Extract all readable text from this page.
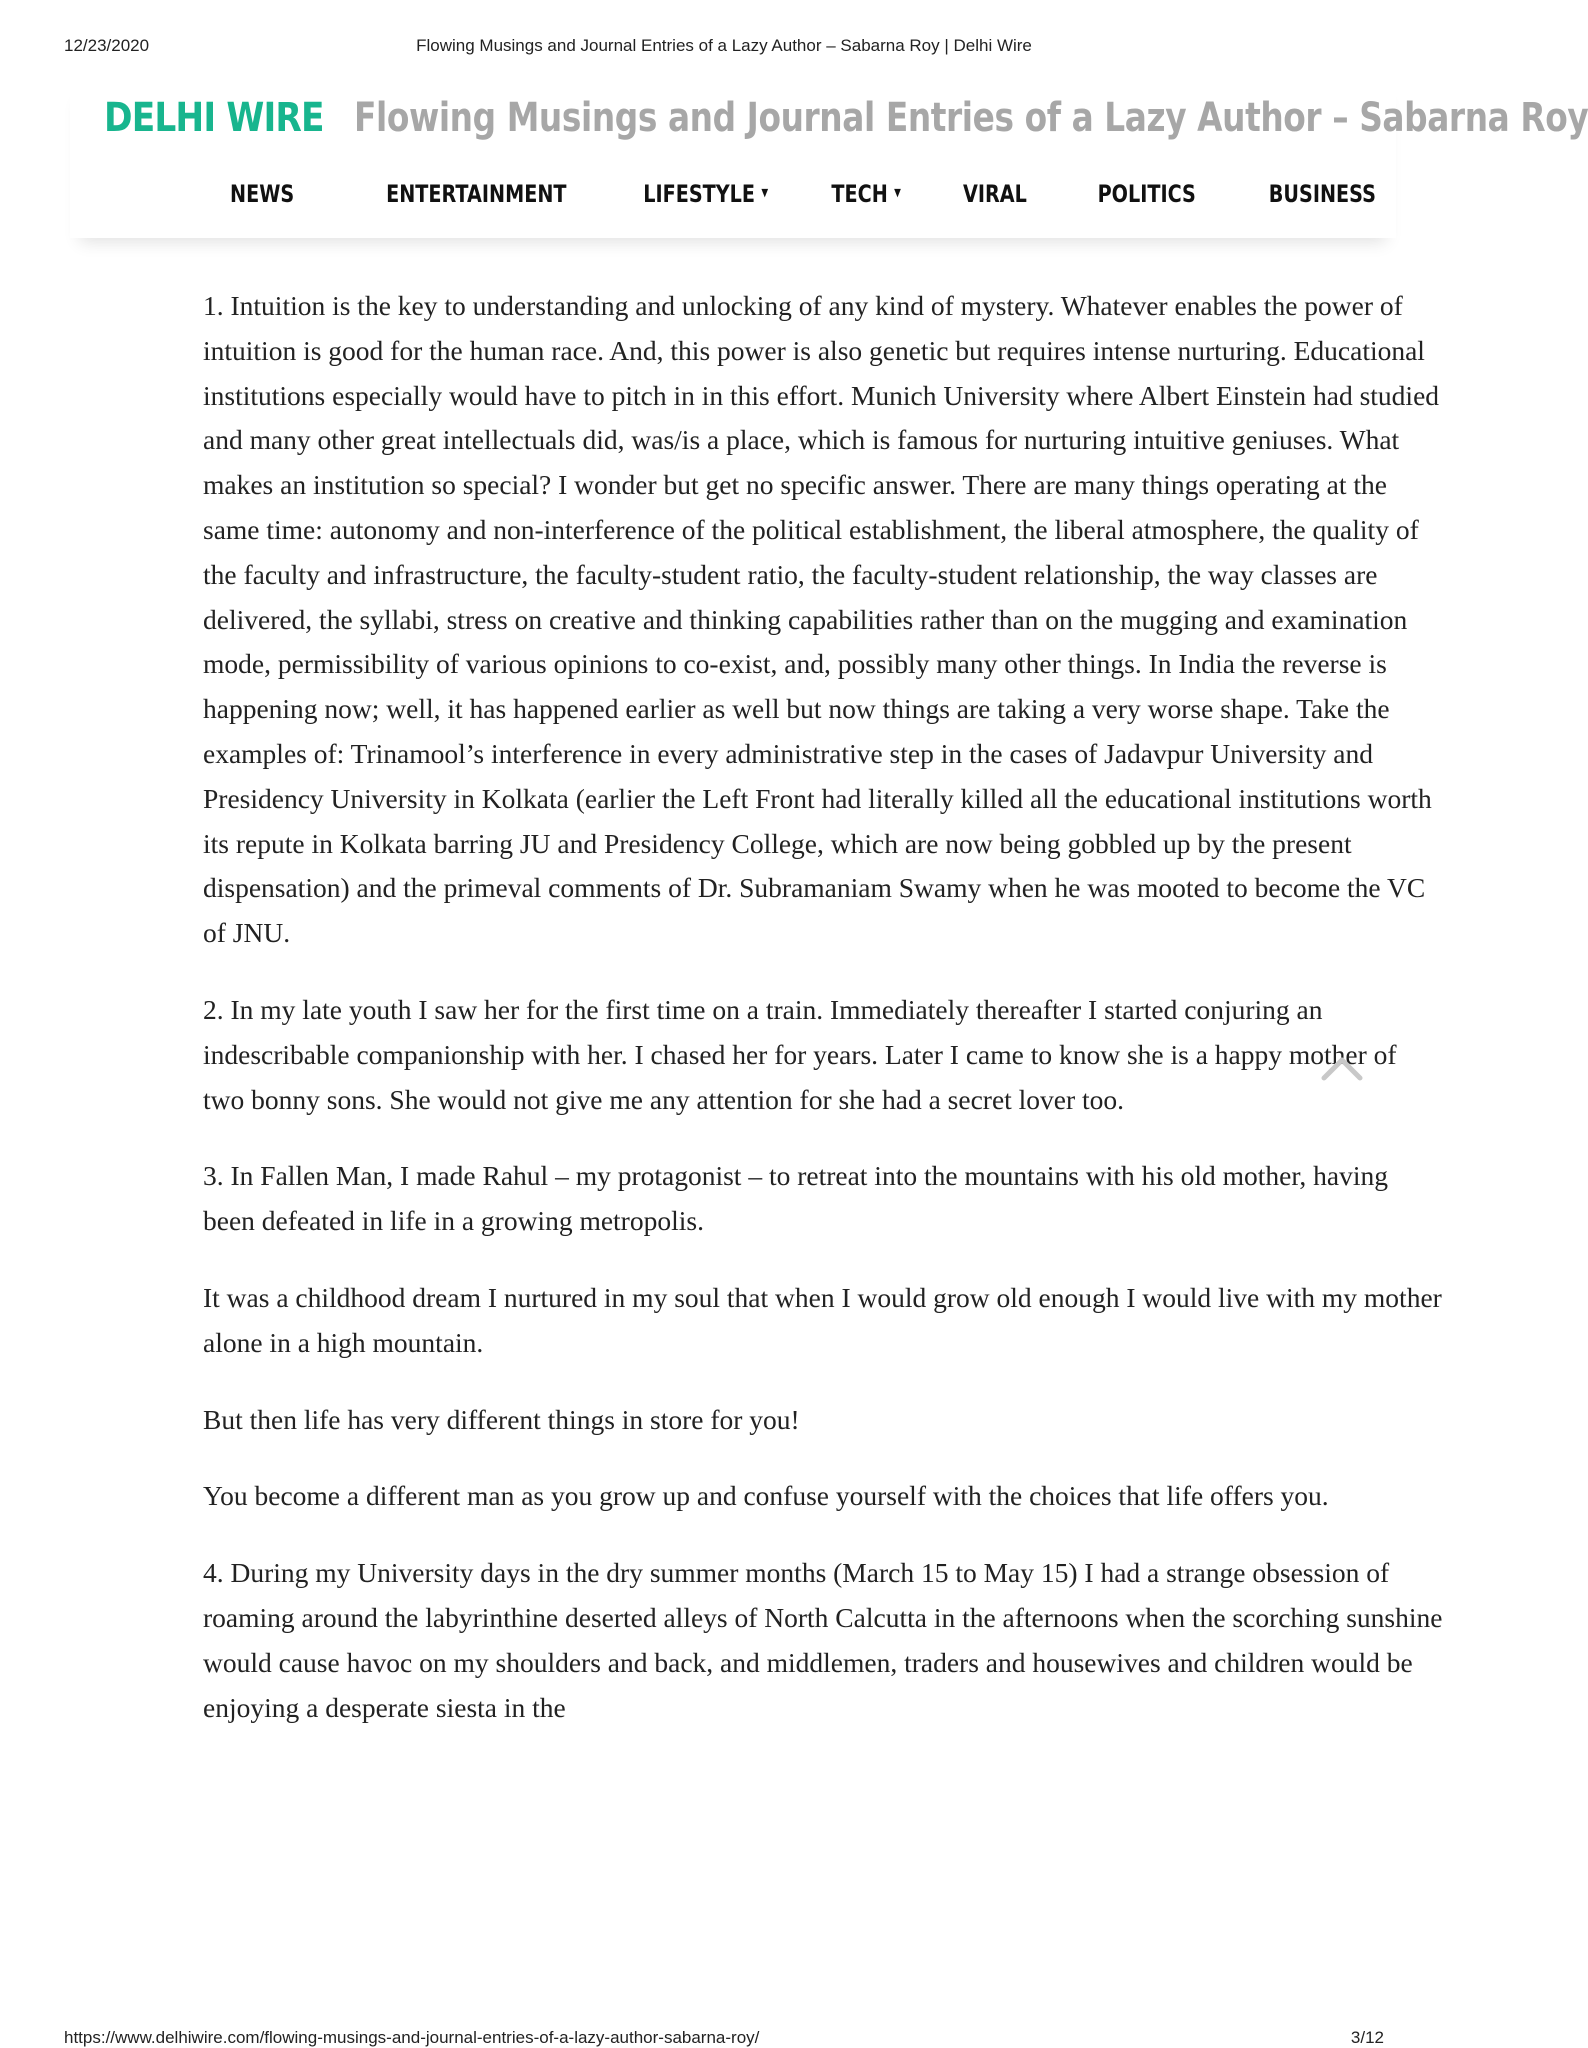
12/23/2020	Flowing Musings and Journal Entries of a Lazy Author – Sabarna Roy | Delhi Wire
DELHI WIRE Flowing Musings and Journal Entries of a Lazy Author – Sabarna Roy
NEWS	ENTERTAINMENT	LIFESTYLE ▼	TECH ▼	VIRAL	POLITICS	BUSINESS

1. Intuition is the key to understanding and unlocking of any kind of mystery. Whatever enables the power of intuition is good for the human race. And, this power is also genetic but requires intense nurturing. Educational institutions especially would have to pitch in in this effort. Munich University where Albert Einstein had studied and many other great intellectuals did, was/is a place, which is famous for nurturing intuitive geniuses. What makes an institution so special? I wonder but get no specific answer. There are many things operating at the same time: autonomy and non-interference of the political establishment, the liberal atmosphere, the quality of the faculty and infrastructure, the faculty-student ratio, the faculty-student relationship, the way classes are delivered, the syllabi, stress on creative and thinking capabilities rather than on the mugging and examination mode, permissibility of various opinions to co-exist, and, possibly many other things. In India the reverse is happening now; well, it has happened earlier as well but now things are taking a very worse shape. Take the examples of: Trinamool’s interference in every administrative step in the cases of Jadavpur University and Presidency University in Kolkata (earlier the Left Front had literally killed all the educational institutions worth its repute in Kolkata barring JU and Presidency College, which are now being gobbled up by the present dispensation) and the primeval comments of Dr. Subramaniam Swamy when he was mooted to become the VC of JNU.

2. In my late youth I saw her for the first time on a train. Immediately thereafter I started conjuring an indescribable companionship with her. I chased her for years. Later I came to know she is a happy mother of two bonny sons. She would not give me any attention for she had a secret lover too.

3. In Fallen Man, I made Rahul – my protagonist – to retreat into the mountains with his old mother, having been defeated in life in a growing metropolis.

It was a childhood dream I nurtured in my soul that when I would grow old enough I would live with my mother alone in a high mountain.

But then life has very different things in store for you!

You become a different man as you grow up and confuse yourself with the choices that life offers you.

4. During my University days in the dry summer months (March 15 to May 15) I had a strange obsession of roaming around the labyrinthine deserted alleys of North Calcutta in the afternoons when the scorching sunshine would cause havoc on my shoulders and back, and middlemen, traders and housewives and children would be enjoying a desperate siesta in the

https://www.delhiwire.com/flowing-musings-and-journal-entries-of-a-lazy-author-sabarna-roy/	3/12
